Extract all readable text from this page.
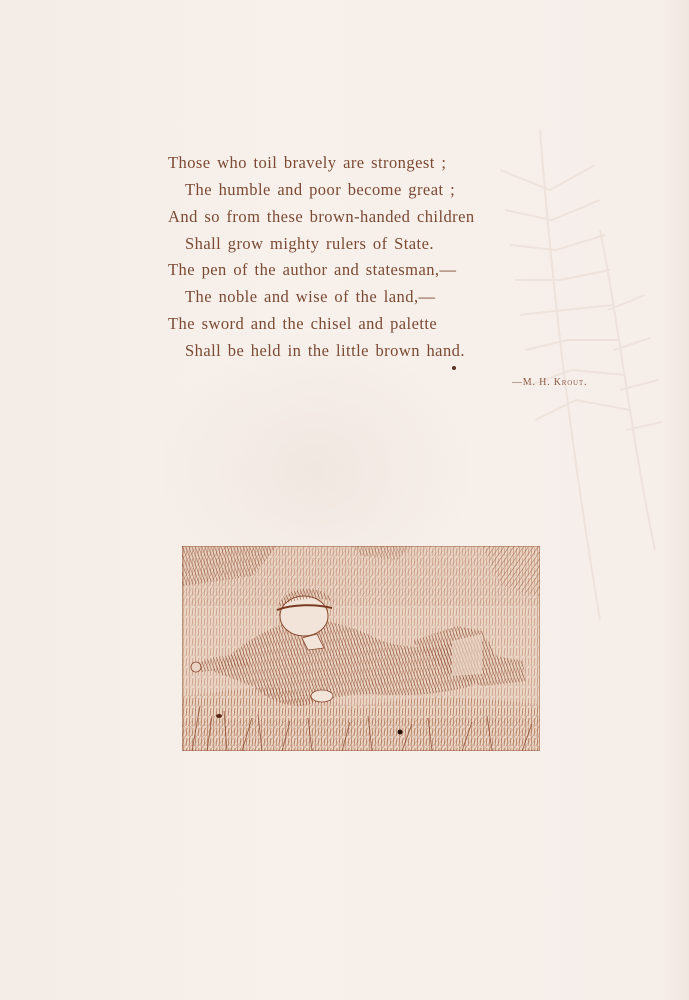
Those who toil bravely are strongest ;
The humble and poor become great ;
And so from these brown-handed children
Shall grow mighty rulers of State.
The pen of the author and statesman,—
The noble and wise of the land,—
The sword and the chisel and palette
Shall be held in the little brown hand.
—M. H. Krout.
